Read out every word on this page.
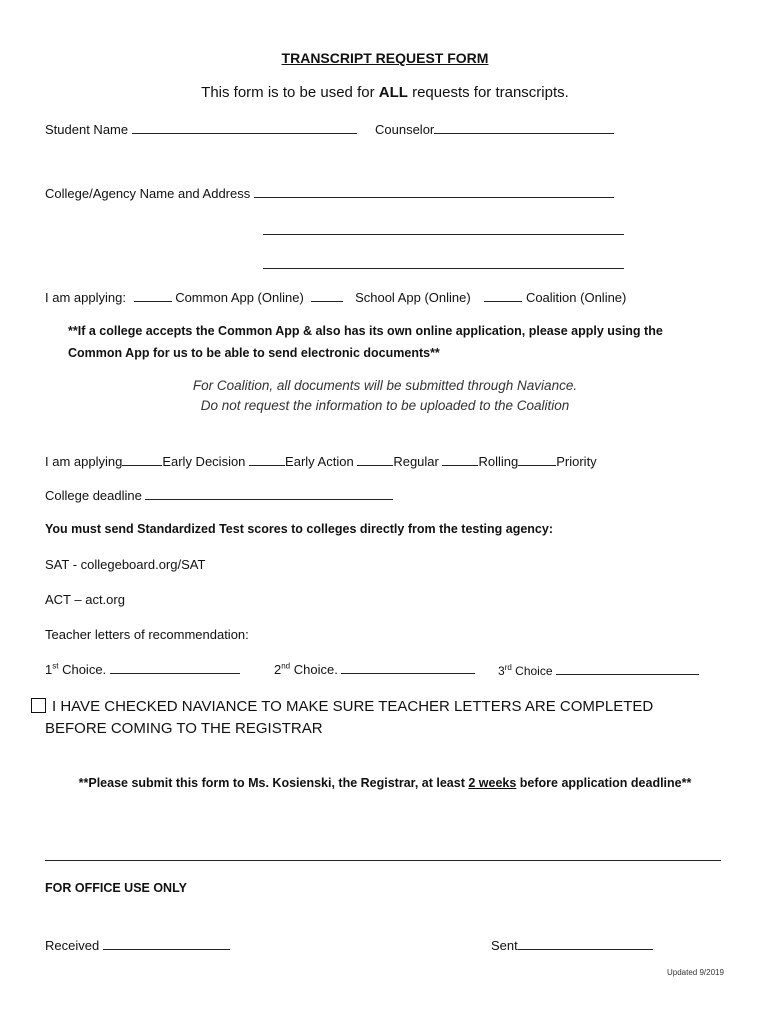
TRANSCRIPT REQUEST FORM
This form is to be used for ALL requests for transcripts.
Student Name	Counselor
College/Agency Name and Address
I am applying:	Common App (Online)	School App (Online)	Coalition (Online)
**If a college accepts the Common App & also has its own online application, please apply using the
Common App for us to be able to send electronic documents**
For Coalition, all documents will be submitted through Naviance.
Do not request the information to be uploaded to the Coalition
I am applying	Early Decision	Early Action	Regular	Rolling	Priority
College deadline
You must send Standardized Test scores to colleges directly from the testing agency:
SAT - collegeboard.org/SAT
ACT – act.org
Teacher letters of recommendation:
1st Choice.	2nd Choice.	3rd Choice
I HAVE CHECKED NAVIANCE TO MAKE SURE TEACHER LETTERS ARE COMPLETED
BEFORE COMING TO THE REGISTRAR
**Please submit this form to Ms. Kosienski, the Registrar, at least 2 weeks before application deadline**
FOR OFFICE USE ONLY
Received	Sent
Updated 9/2019
